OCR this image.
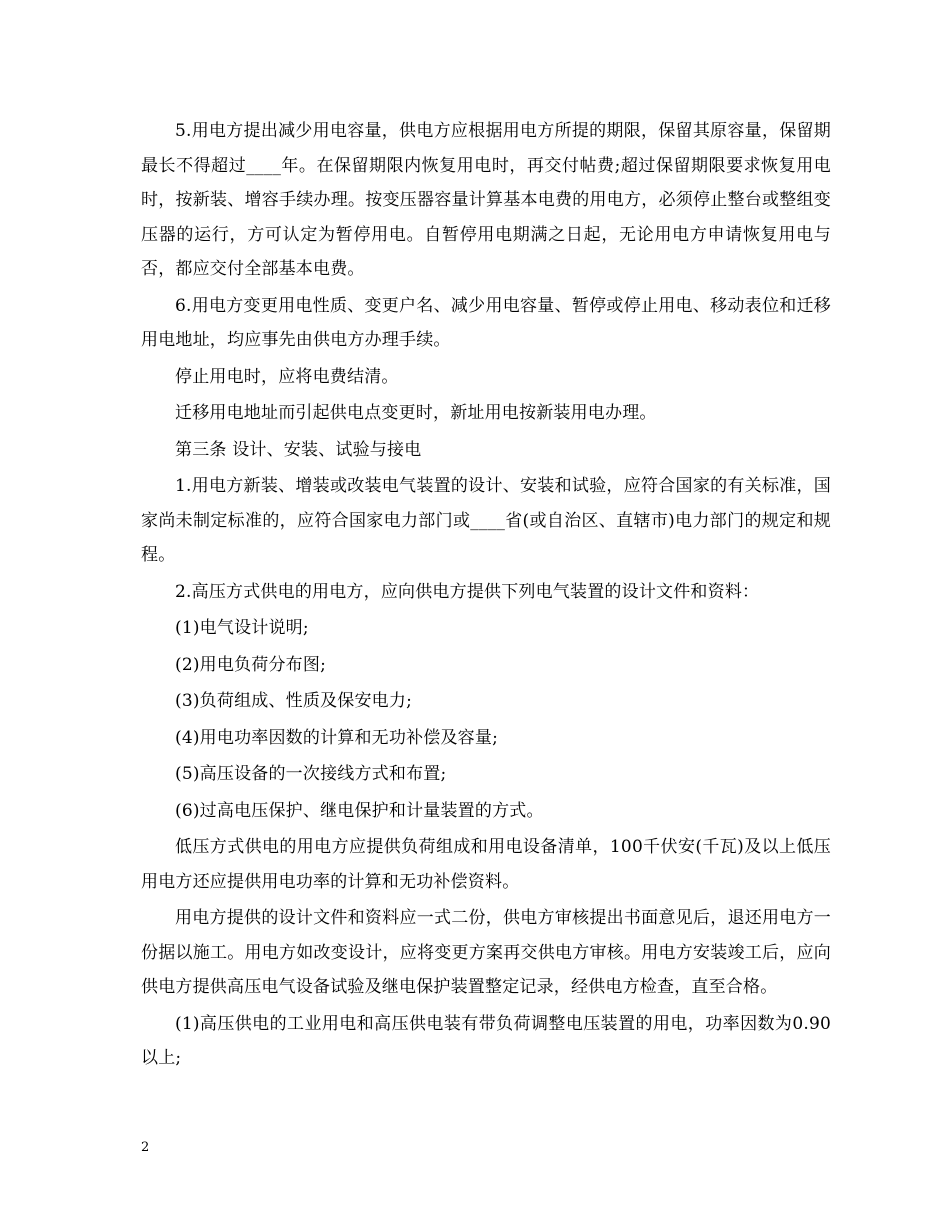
5.用电方提出减少用电容量，供电方应根据用电方所提的期限，保留其原容量，保留期最长不得超过____年。在保留期限内恢复用电时，再交付帖费;超过保留期限要求恢复用电时，按新装、增容手续办理。按变压器容量计算基本电费的用电方，必须停止整台或整组变压器的运行，方可认定为暂停用电。自暂停用电期满之日起，无论用电方申请恢复用电与否，都应交付全部基本电费。

6.用电方变更用电性质、变更户名、减少用电容量、暂停或停止用电、移动表位和迁移用电地址，均应事先由供电方办理手续。

停止用电时，应将电费结清。

迁移用电地址而引起供电点变更时，新址用电按新装用电办理。

第三条 设计、安装、试验与接电

1.用电方新装、增装或改装电气装置的设计、安装和试验，应符合国家的有关标准，国家尚未制定标准的，应符合国家电力部门或____省(或自治区、直辖市)电力部门的规定和规程。

2.高压方式供电的用电方，应向供电方提供下列电气装置的设计文件和资料：

(1)电气设计说明;

(2)用电负荷分布图;

(3)负荷组成、性质及保安电力;

(4)用电功率因数的计算和无功补偿及容量;

(5)高压设备的一次接线方式和布置;

(6)过高电压保护、继电保护和计量装置的方式。

低压方式供电的用电方应提供负荷组成和用电设备清单，100千伏安(千瓦)及以上低压用电方还应提供用电功率的计算和无功补偿资料。

用电方提供的设计文件和资料应一式二份，供电方审核提出书面意见后，退还用电方一份据以施工。用电方如改变设计，应将变更方案再交供电方审核。用电方安装竣工后，应向供电方提供高压电气设备试验及继电保护装置整定记录，经供电方检查，直至合格。

(1)高压供电的工业用电和高压供电装有带负荷调整电压装置的用电，功率因数为0.90以上;

2
